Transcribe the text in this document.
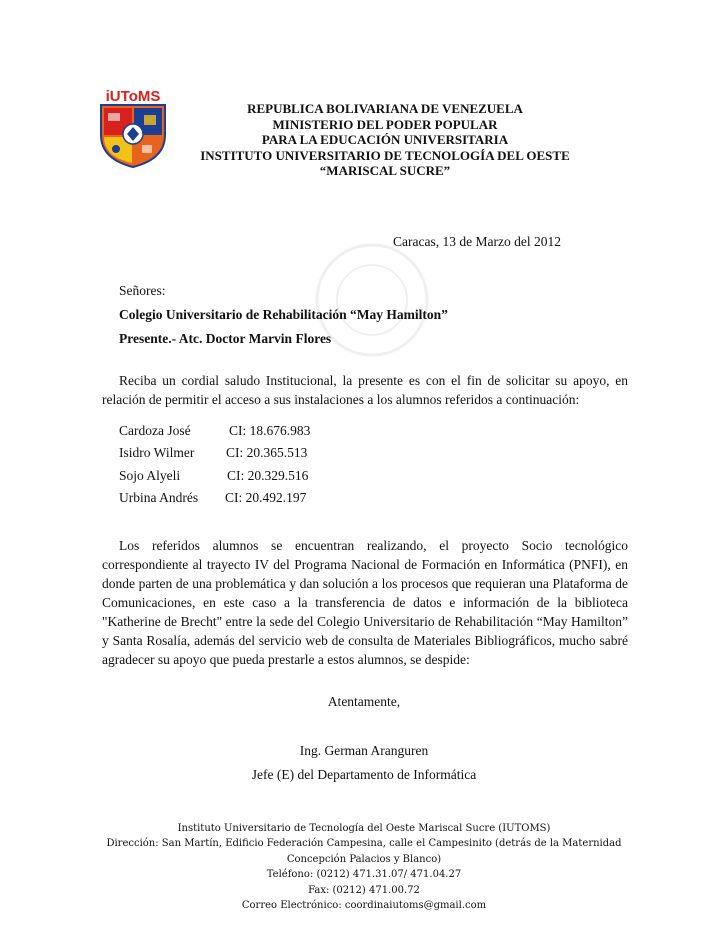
iUToMS
REPUBLICA BOLIVARIANA DE VENEZUELA
MINISTERIO DEL PODER POPULAR
PARA LA EDUCACIÓN UNIVERSITARIA
INSTITUTO UNIVERSITARIO DE TECNOLOGÍA DEL OESTE
“MARISCAL SUCRE”
Caracas, 13 de Marzo del 2012
Señores:
Colegio Universitario de Rehabilitación “May Hamilton”
Presente.- Atc. Doctor Marvin Flores
Reciba un cordial saludo Institucional, la presente es con el fin de solicitar su apoyo, en relación de permitir el acceso a sus instalaciones a los alumnos referidos a continuación:
Cardoza José	CI: 18.676.983
Isidro Wilmer CI: 20.365.513
Sojo Alyeli	CI: 20.329.516
Urbina Andrés CI: 20.492.197
Los referidos alumnos se encuentran realizando, el proyecto Socio tecnológico correspondiente al trayecto IV del Programa Nacional de Formación en Informática (PNFI), en donde parten de una problemática y dan solución a los procesos que requieran una Plataforma de Comunicaciones, en este caso a la transferencia de datos e información de la biblioteca "Katherine de Brecht" entre la sede del Colegio Universitario de Rehabilitación “May Hamilton” y Santa Rosalía, además del servicio web de consulta de Materiales Bibliográficos, mucho sabré agradecer su apoyo que pueda prestarle a estos alumnos, se despide:
Atentamente,
Ing. German Aranguren
Jefe (E) del Departamento de Informática
Instituto Universitario de Tecnología del Oeste Mariscal Sucre (IUTOMS)
Dirección: San Martín, Edificio Federación Campesina, calle el Campesinito (detrás de la Maternidad
Concepción Palacios y Blanco)
Teléfono: (0212) 471.31.07/ 471.04.27
Fax: (0212) 471.00.72
Correo Electrónico: coordinaiutoms@gmail.com
